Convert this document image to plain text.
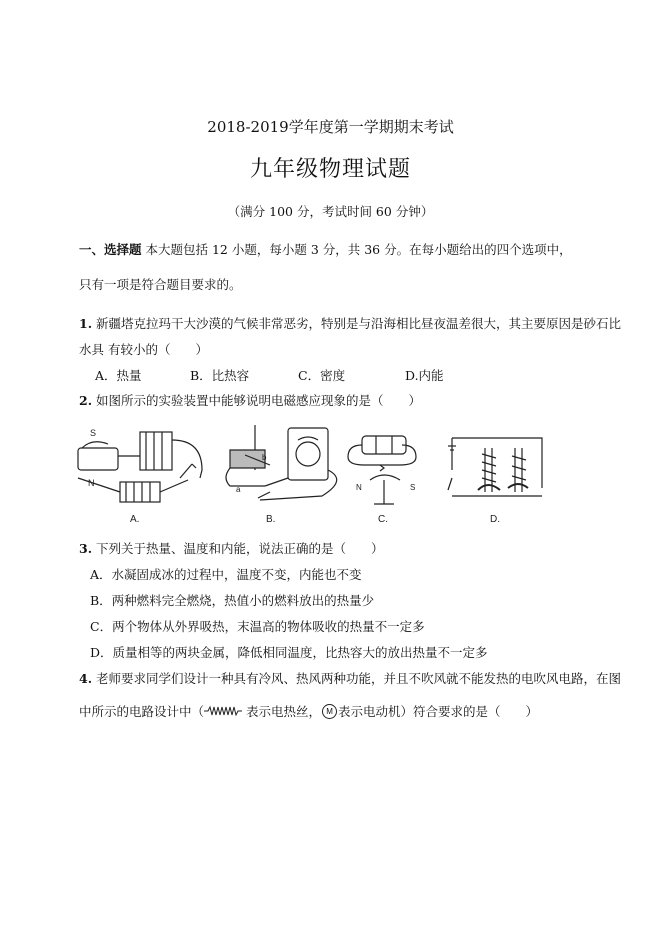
2018-2019学年度第一学期期末考试
九年级物理试题
（满分 100 分，考试时间 60 分钟）
一、选择题 本大题包括 12 小题，每小题 3 分，共 36 分。在每小题给出的四个选项中，
只有一项是符合题目要求的。
1. 新疆塔克拉玛干大沙漠的气候非常恶劣，特别是与沿海相比昼夜温差很大，其主要原因是砂石比
水具 有较小的（　　）
A．热量	B．比热容	C．密度	D.内能
2. 如图所示的实验装置中能够说明电磁感应现象的是（　　）
S
N
A.
a
b
B.
N	S
C.	D.
3. 下列关于热量、温度和内能，说法正确的是（　　）
A．水凝固成冰的过程中，温度不变，内能也不变
B．两种燃料完全燃烧，热值小的燃料放出的热量少
C．两个物体从外界吸热，末温高的物体吸收的热量不一定多
D．质量相等的两块金属，降低相同温度，比热容大的放出热量不一定多
4. 老师要求同学们设计一种具有冷风、热风两种功能，并且不吹风就不能发热的电吹风电路，在图
中所示的电路设计中（	表示电热丝， M 表示电动机）符合要求的是（　　）
